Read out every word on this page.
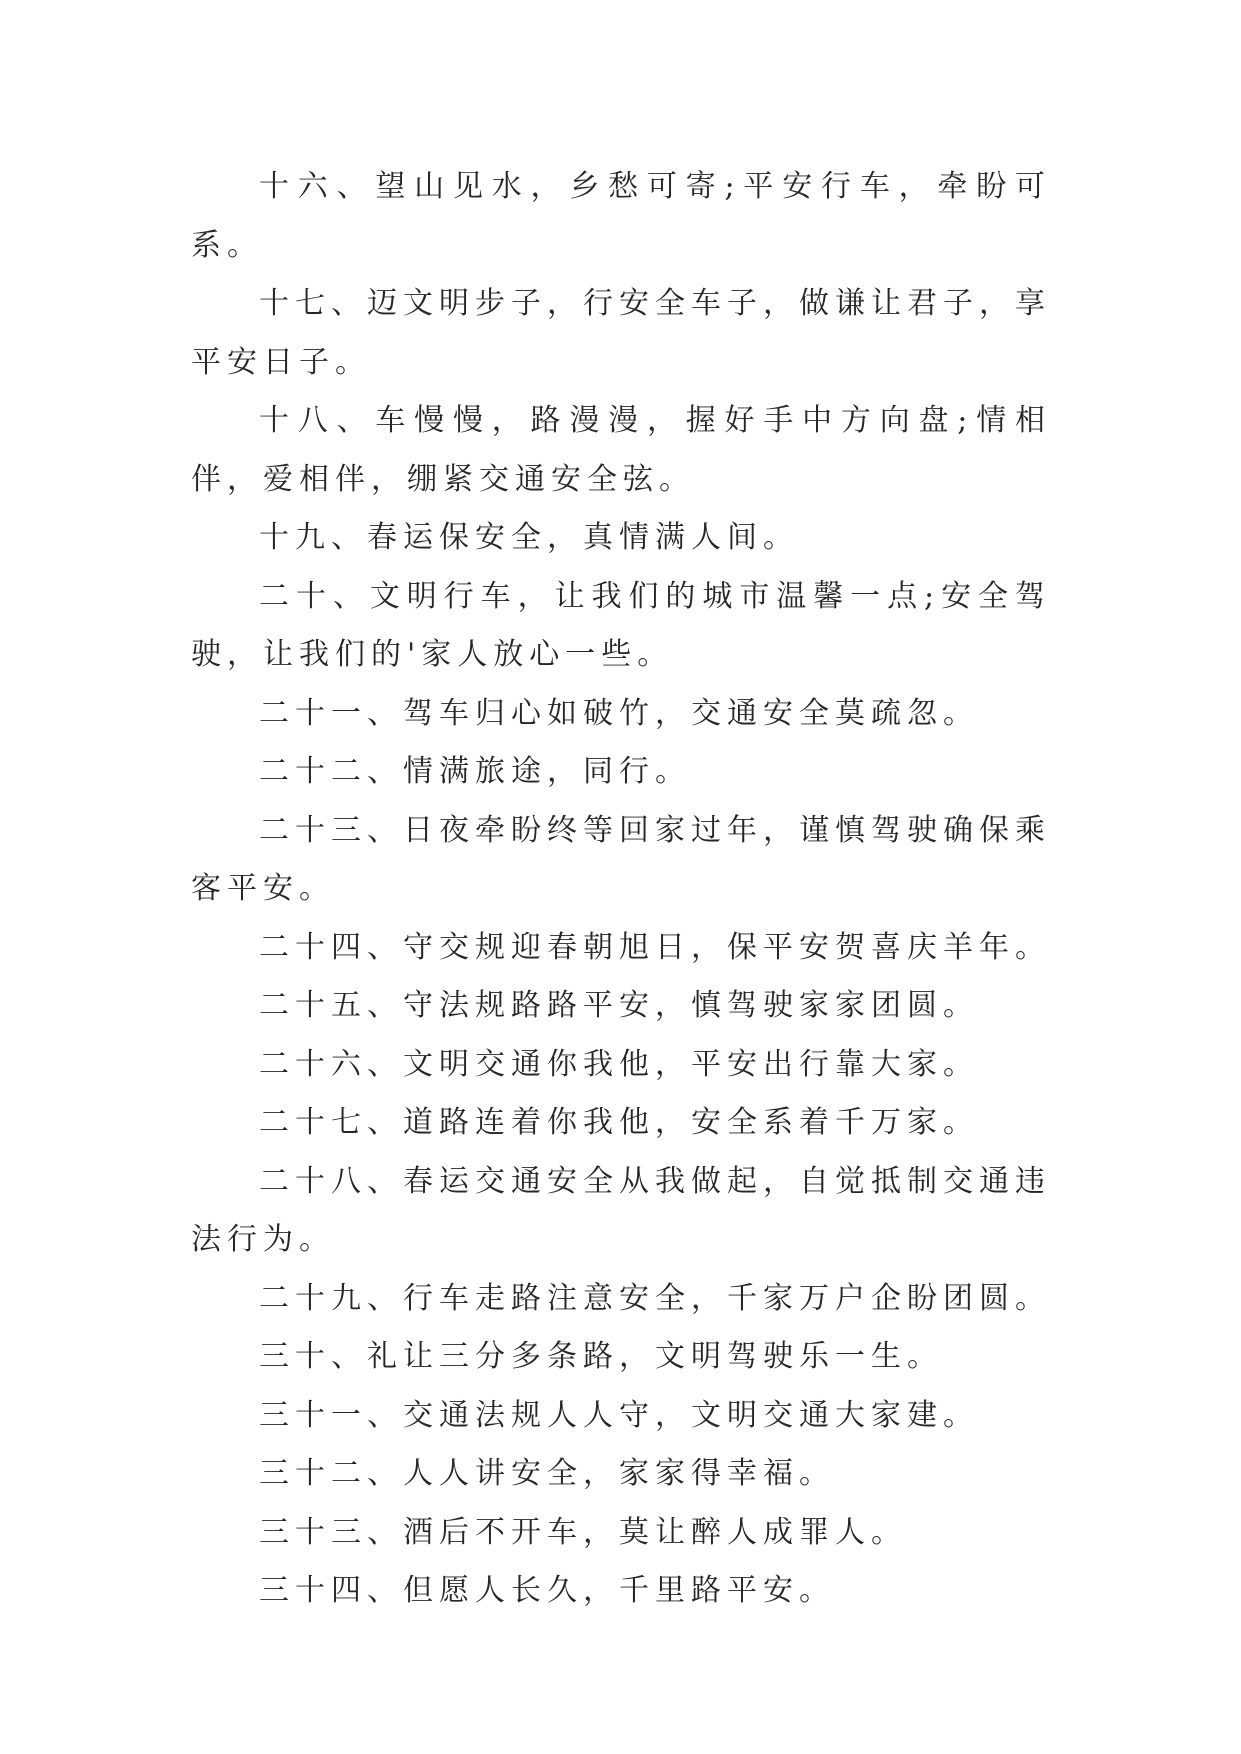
十六、望山见水，乡愁可寄;平安行车，牵盼可系。

十七、迈文明步子，行安全车子，做谦让君子，享平安日子。

十八、车慢慢，路漫漫，握好手中方向盘;情相伴，爱相伴，绷紧交通安全弦。

十九、春运保安全，真情满人间。

二十、文明行车，让我们的城市温馨一点;安全驾驶，让我们的'家人放心一些。

二十一、驾车归心如破竹，交通安全莫疏忽。

二十二、情满旅途，同行。

二十三、日夜牵盼终等回家过年，谨慎驾驶确保乘客平安。

二十四、守交规迎春朝旭日，保平安贺喜庆羊年。

二十五、守法规路路平安，慎驾驶家家团圆。

二十六、文明交通你我他，平安出行靠大家。

二十七、道路连着你我他，安全系着千万家。

二十八、春运交通安全从我做起，自觉抵制交通违法行为。

二十九、行车走路注意安全，千家万户企盼团圆。

三十、礼让三分多条路，文明驾驶乐一生。

三十一、交通法规人人守，文明交通大家建。

三十二、人人讲安全，家家得幸福。

三十三、酒后不开车，莫让醉人成罪人。

三十四、但愿人长久，千里路平安。
